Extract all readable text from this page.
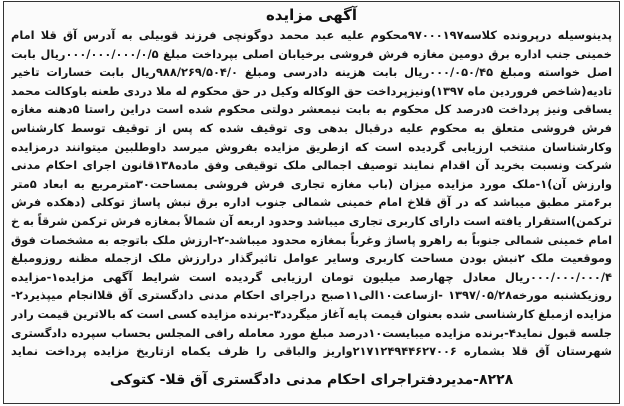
آگهی مزایده
پدینوسیله درپرونده کلاسه۹۷۰۰۰۱۹۷محکوم علیه عبد محمد دوگونچی فرزند قوبیلی به آدرس آق قلا امام خمینی جنب اداره برق دومین مغازه فرش فروشی برخیابان اصلی بپرداخت مبلغ ۰۰۰/۰۰۰/۰۰۰/۰/۵ریال بابت اصل خواسته ومبلغ ۰۰۰/۰۵۰/۴۵ریال بابت هزینه دادرسی ومبلغ ۹۸۸/۲۶۹/۵۰۴/۰ریال بابت خسارات تاخیر تادیه(شاخص فروردین ماه ۱۳۹۷)ونیزپرداخت حق الوکاله وکیل در حق محکوم له ملا دردی طعنه باوکالت محمد یساقی ونیز پرداخت ۵درصد کل محکوم به بابت نیمعشر دولتی محکوم شده است دراین راستا ۵دهنه مغازه فرش فروشی متعلق به محکوم علیه درقبال بدهی وی توقیف شده که پس از توقیف توسط کارشناس وکارشناسان منتخب ارزیابی گردیده است که ازطریق مزایده بفروش میرسد داوطلبین میتوانند درمزایده شرکت ونسبت بخرید آن اقدام نمایند توصیف اجمالی ملک توقیفی وفق ماده۱۳۸قانون اجرای احکام مدنی وارزش آن)۱-ملک مورد مزایده میزان (باب مغازه تجاری فرش فروشی بمساحت۳۰مترمربع به ابعاد ۵متر بر۶متر مطبق میباشد که در آق قلاخ امام خمینی شمالی جنوب اداره برق نبش پاساژ توکلی (دهکده فرش ترکمن)استقرار یافته است دارای کاربری تجاری میباشد وحدود اربعه آن شمالاً بمغازه فرش ترکمن شرقاً به خ امام خمینی شمالی جنوباً به راهرو پاساژ وغرباً بمغازه محدود میباشد-۲-ارزش ملک باتوجه به مشخصات فوق وموقعیت ملک ۲نبش بودن مساحت کاربری وسایر عوامل تاثیرگذار درارزش ملک ازجمله مظنه روزومبلغ ۰۰۰/۰۰۰/۰۰۰/۴ریال معادل چهارصد میلیون تومان ارزیابی گردیده است شرایط آگهی مزایده۱-مزایده روزیکشنبه مورخه۱۳۹۷/۰۵/۲۸ -ازساعت۱۰الی۱۱صبح دراجرای احکام مدنی دادگستری آق قلاانجام میپذیرد۲-مزایده ازمبلغ کارشناسی شده بعنوان قیمت پایه آغاز میگردد۳-برنده مزایده کسی است که بالاترین قیمت رادر جلسه قبول نماید۴-برنده مزایده میبایست۱۰درصد مبلغ مورد معامله رافی المجلس بحساب سپرده دادگستری شهرستان آق قلا بشماره ۲۱۷۱۲۴۹۴۴۶۲۷۰۰۶واریز والباقی را ظرف یکماه ازتاریخ مزایده پرداخت نماید
۸۲۲۸-مدیردفتراجرای احکام مدنی دادگستری آق قلا- کتوکی
